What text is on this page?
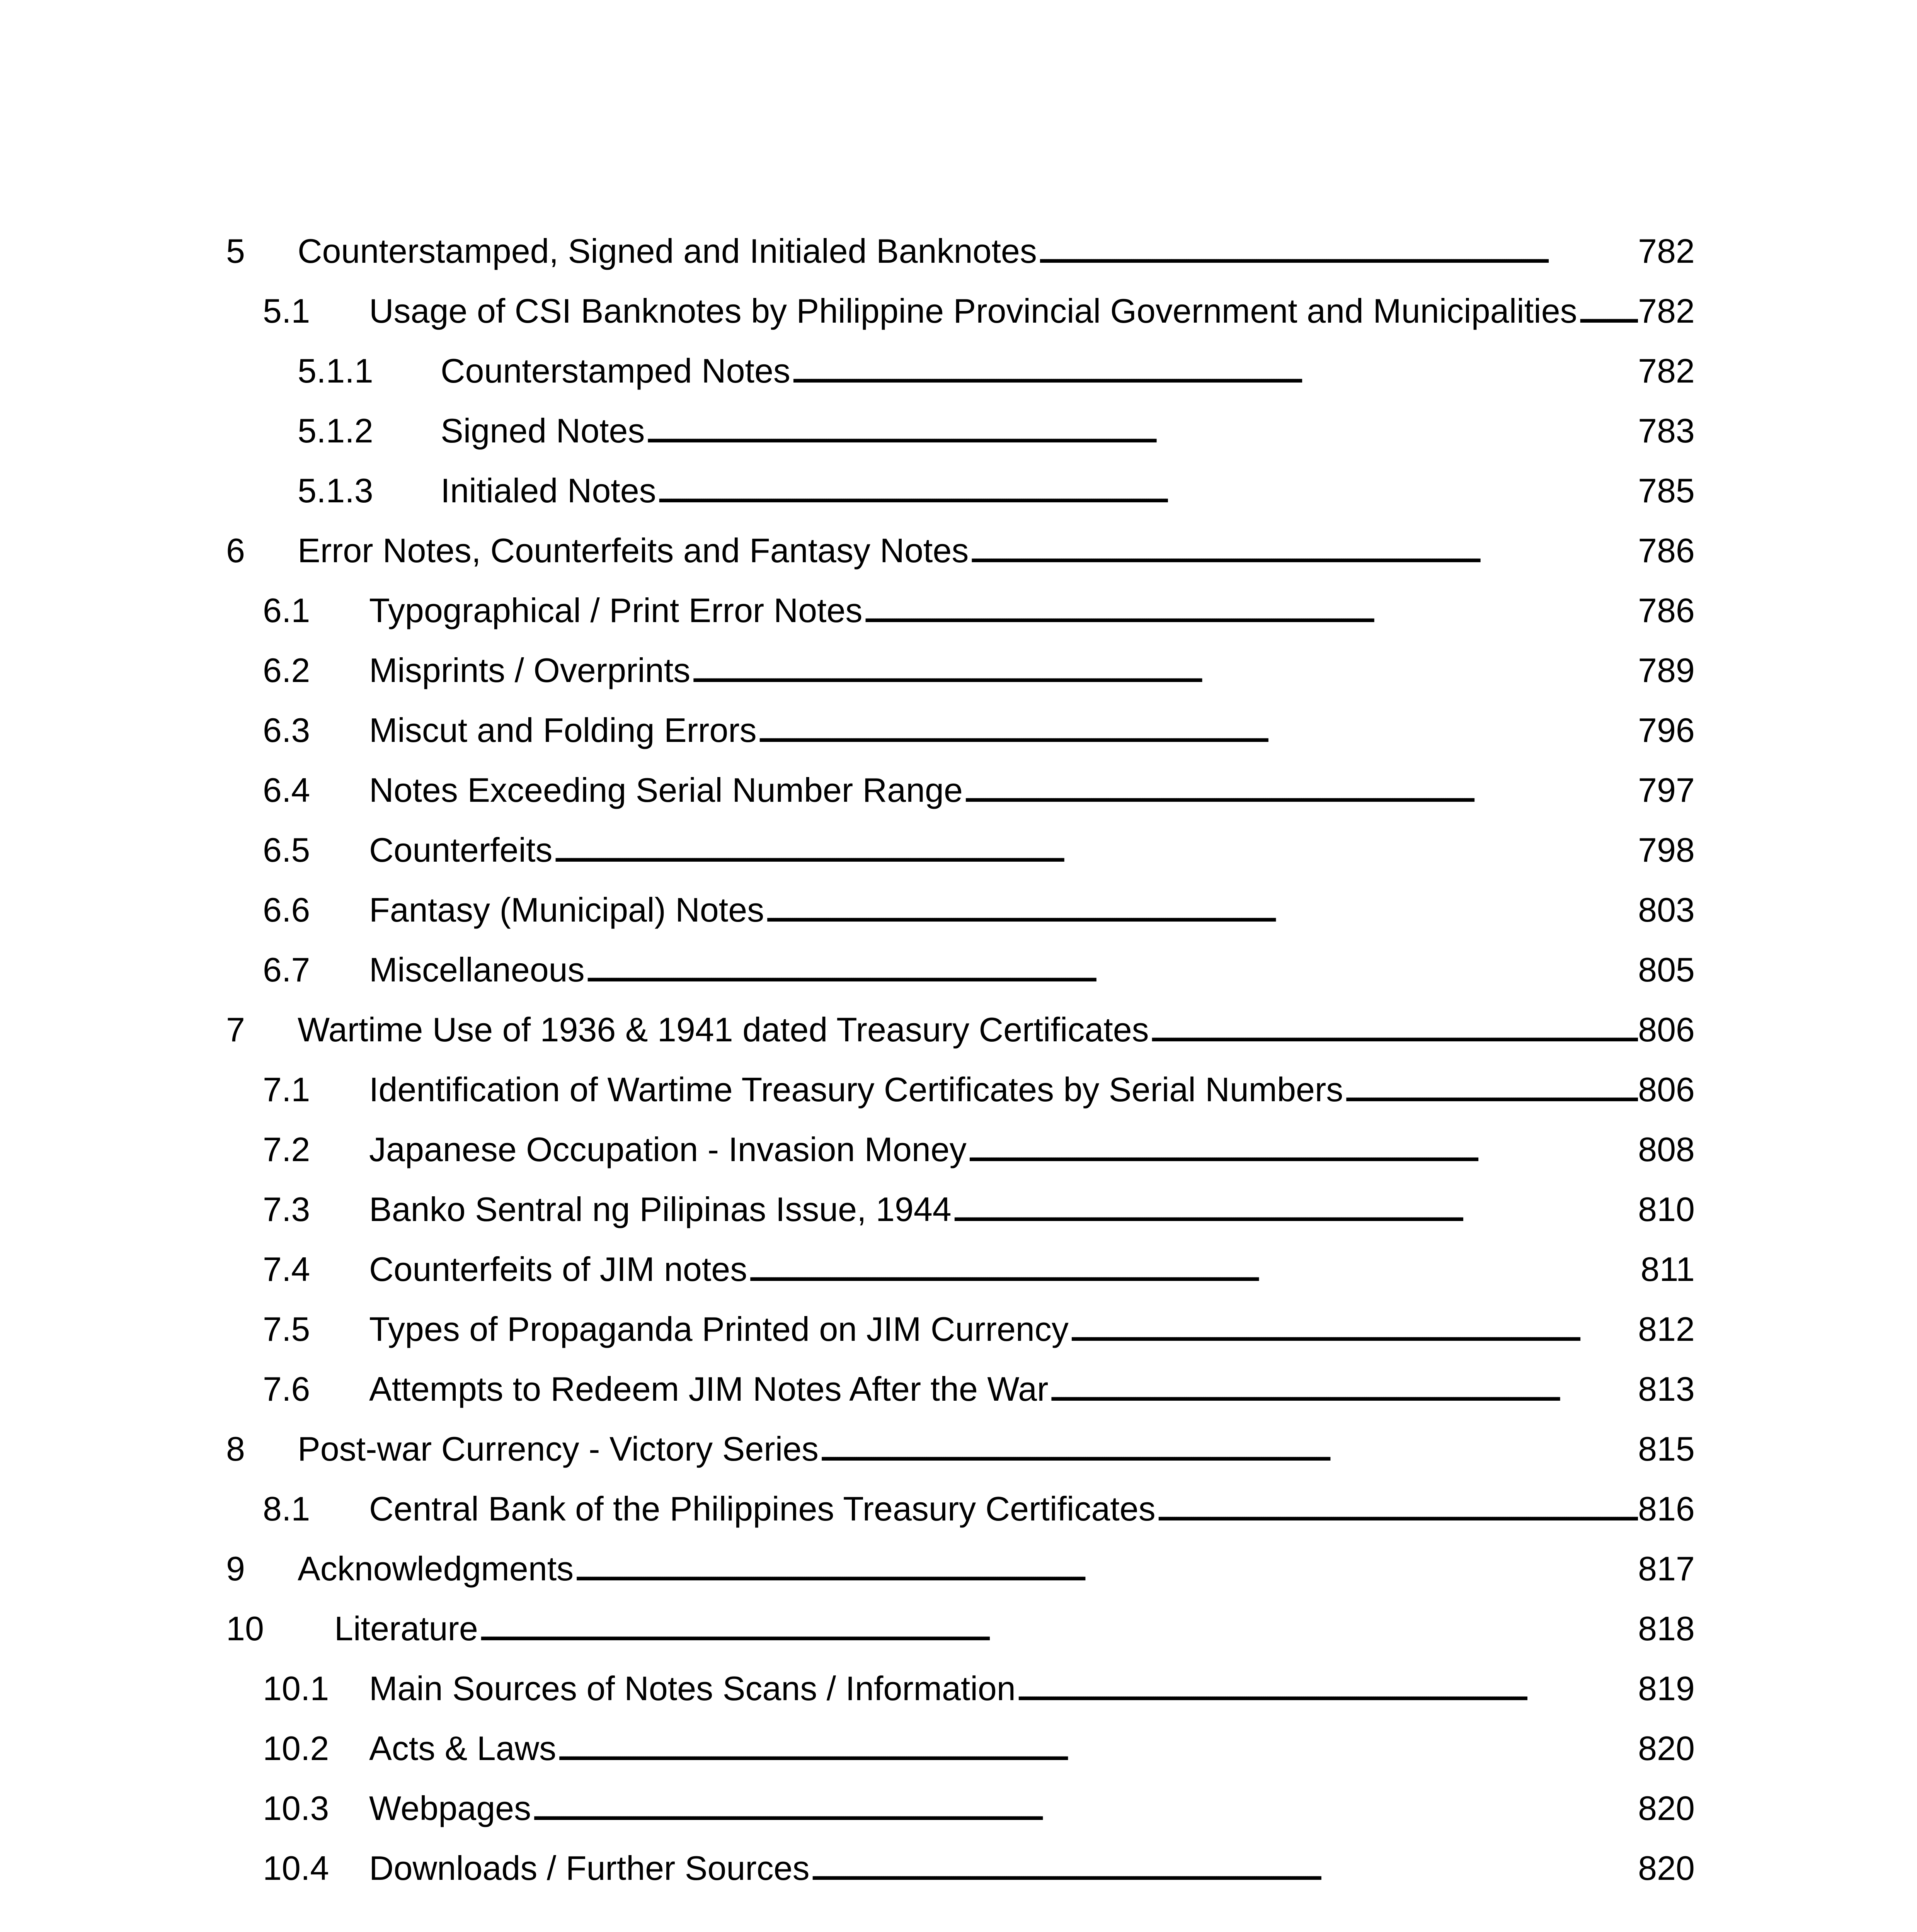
5 Counterstamped, Signed and Initialed Banknotes . . .	782
5.1 Usage of CSI Banknotes by Philippine Provincial Government and Municipalities . . . 782
5.1.1 Counterstamped Notes . . .	782
5.1.2 Signed Notes . . .	783
5.1.3 Initialed Notes . . .	785
6 Error Notes, Counterfeits and Fantasy Notes . . .	786
6.1 Typographical / Print Error Notes . . .	786
6.2 Misprints / Overprints . . .	789
6.3 Miscut and Folding Errors . . .	796
6.4 Notes Exceeding Serial Number Range . . .	797
6.5 Counterfeits . . .	798
6.6 Fantasy (Municipal) Notes . . .	803
6.7 Miscellaneous . . .	805
7 Wartime Use of 1936 & 1941 dated Treasury Certificates . . .	806
7.1 Identification of Wartime Treasury Certificates by Serial Numbers . . .	806
7.2 Japanese Occupation - Invasion Money . . .	808
7.3 Banko Sentral ng Pilipinas Issue, 1944 . . .	810
7.4 Counterfeits of JIM notes . . .	811
7.5 Types of Propaganda Printed on JIM Currency . . .	812
7.6 Attempts to Redeem JIM Notes After the War . . .	813
8 Post-war Currency - Victory Series . . .	815
8.1 Central Bank of the Philippines Treasury Certificates . . .	816
9 Acknowledgments . . .	817
10 Literature . . .	818
10.1 Main Sources of Notes Scans / Information . . .	819
10.2 Acts & Laws . . .	820
10.3 Webpages . . .	820
10.4 Downloads / Further Sources . . .	820
